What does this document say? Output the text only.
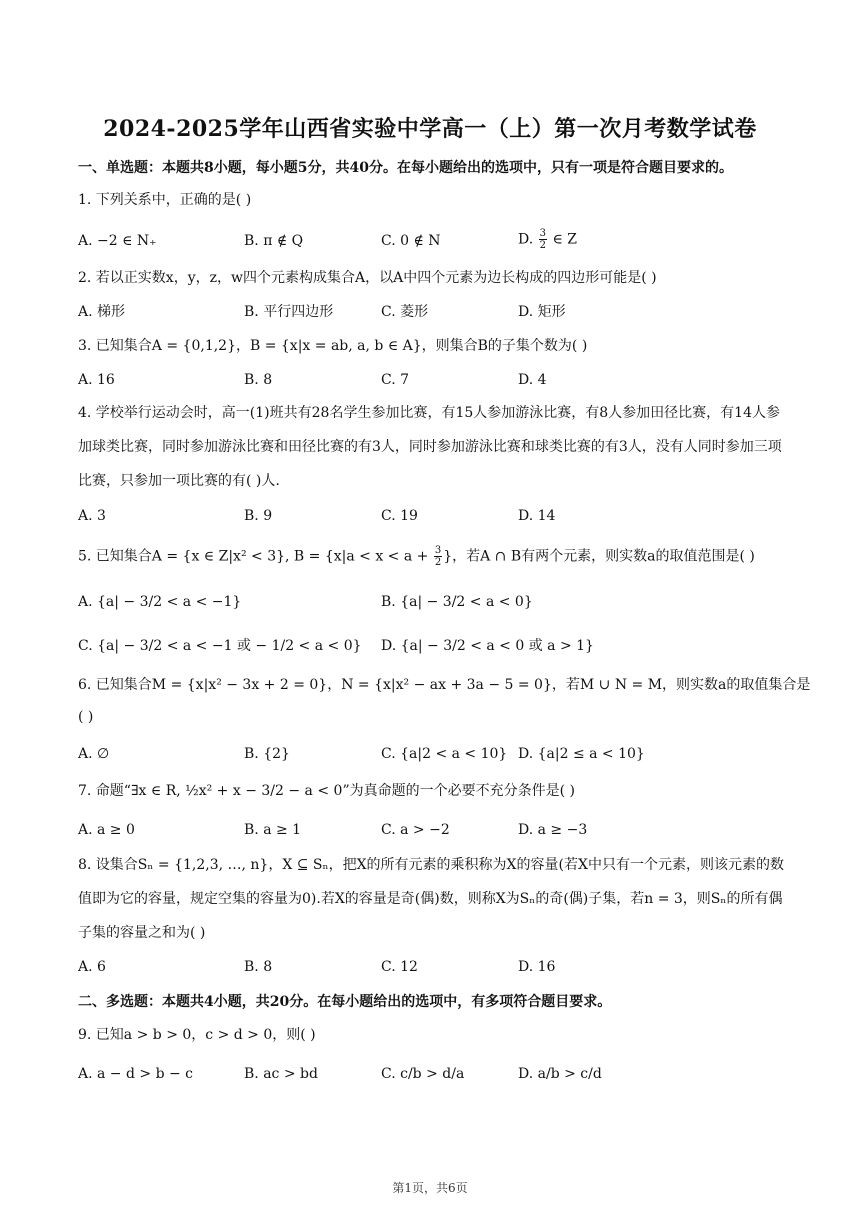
2024-2025学年山西省实验中学高一（上）第一次月考数学试卷
一、单选题：本题共8小题，每小题5分，共40分。在每小题给出的选项中，只有一项是符合题目要求的。
1. 下列关系中，正确的是( )
A. −2 ∈ N₊	B. π ∉ Q	C. 0 ∉ N	D. $\frac{3}{2}$ ∈ Z
2. 若以正实数x，y，z，w四个元素构成集合A，以A中四个元素为边长构成的四边形可能是( )
A. 梯形	B. 平行四边形	C. 菱形	D. 矩形
3. 已知集合A = {0,1,2}，B = {x|x = ab, a, b ∈ A}，则集合B的子集个数为( )
A. 16	B. 8	C. 7	D. 4
4. 学校举行运动会时，高一(1)班共有28名学生参加比赛，有15人参加游泳比赛，有8人参加田径比赛，有14人参加球类比赛，同时参加游泳比赛和田径比赛的有3人，同时参加游泳比赛和球类比赛的有3人，没有人同时参加三项比赛，只参加一项比赛的有( )人.
A. 3	B. 9	C. 19	D. 14
5. 已知集合A = {x ∈ Z|x² < 3}, $B = \{x|a < x < a + \frac{3}{2}$ }，若A ∩ B有两个元素，则实数a的取值范围是( )
A. {a| − 3/2 < a < −1}	B. {a| − 3/2 < a < 0}
C. {a| − 3/2 < a < −1 或 − 1/2 < a < 0} D. {a| − 3/2 < a < 0 或 a > 1}
6. 已知集合M = {x|x² − 3x + 2 = 0}，N = {x|x² − ax + 3a − 5 = 0}，若M ∪ N = M，则实数a的取值集合是
( )
A. ∅	B. {2}	C. {a|2 < a < 10} D. {a|2 ≤ a < 10}
7. 命题“∃x ∈ R, ½x² + x − 3/2 − a < 0”为真命题的一个必要不充分条件是( )
A. a ≥ 0	B. a ≥ 1	C. a > −2	D. a ≥ −3
8. 设集合Sₙ = {1,2,3, …, n}，X ⊆ Sₙ，把X的所有元素的乘积称为X的容量(若X中只有一个元素，则该元素的数值即为它的容量，规定空集的容量为0).若X的容量是奇(偶)数，则称X为Sₙ的奇(偶)子集，若n = 3，则Sₙ的所有偶子集的容量之和为( )
A. 6	B. 8	C. 12	D. 16
二、多选题：本题共4小题，共20分。在每小题给出的选项中，有多项符合题目要求。
9. 已知a > b > 0，c > d > 0，则( )
A. a − d > b − c	B. ac > bd	C. c/b > d/a	D. a/b > c/d
第1页，共6页
